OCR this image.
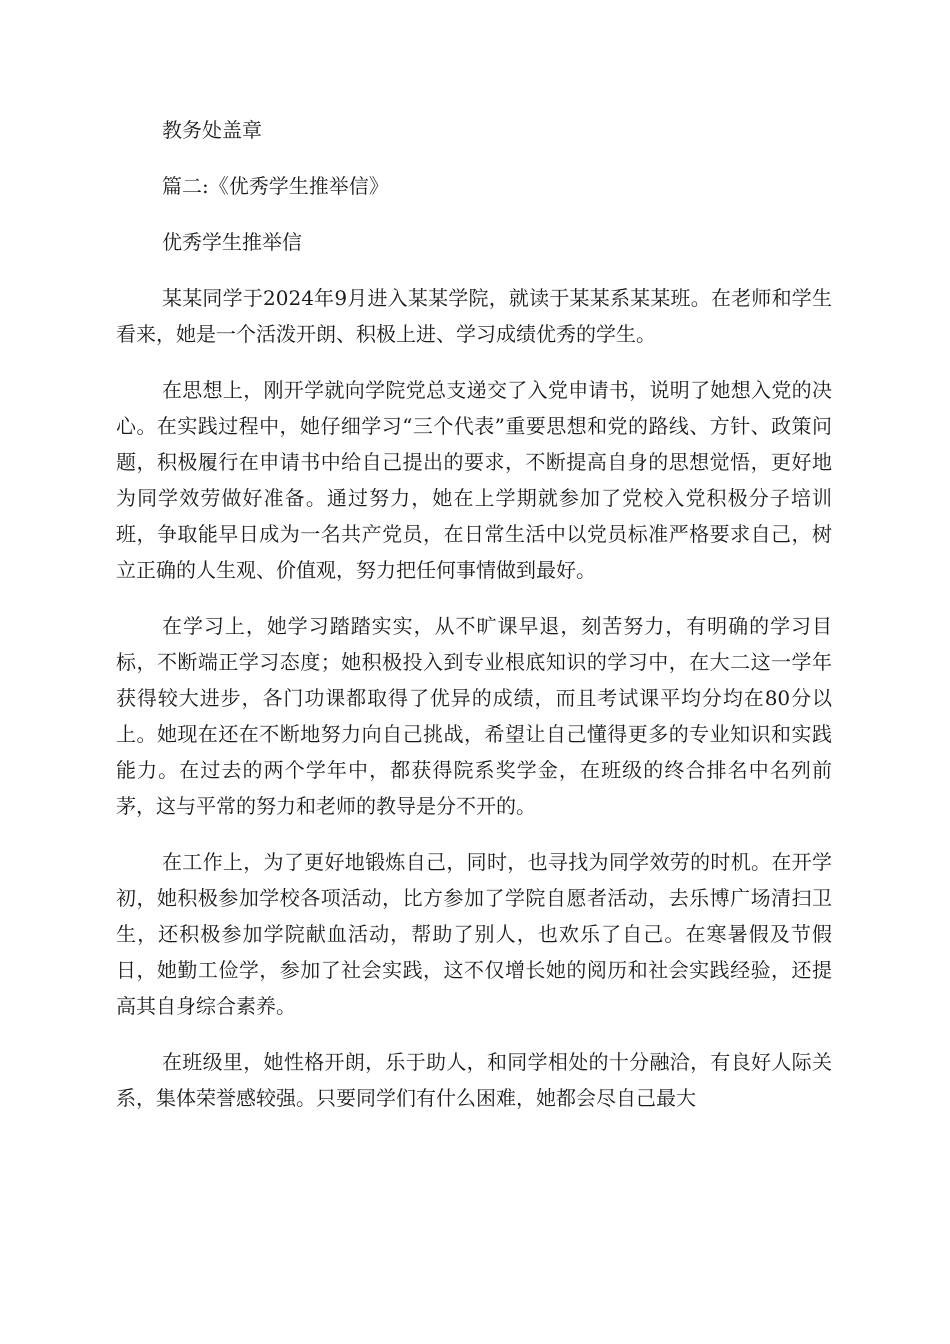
教务处盖章

篇二:《优秀学生推举信》

优秀学生推举信

某某同学于2024年9月进入某某学院，就读于某某系某某班。在老师和学生看来，她是一个活泼开朗、积极上进、学习成绩优秀的学生。

在思想上，刚开学就向学院党总支递交了入党申请书，说明了她想入党的决心。在实践过程中，她仔细学习“三个代表”重要思想和党的路线、方针、政策问题，积极履行在申请书中给自己提出的要求，不断提高自身的思想觉悟，更好地为同学效劳做好准备。通过努力，她在上学期就参加了党校入党积极分子培训班，争取能早日成为一名共产党员，在日常生活中以党员标准严格要求自己，树立正确的人生观、价值观，努力把任何事情做到最好。

在学习上，她学习踏踏实实，从不旷课早退，刻苦努力，有明确的学习目标，不断端正学习态度；她积极投入到专业根底知识的学习中，在大二这一学年获得较大进步，各门功课都取得了优异的成绩，而且考试课平均分均在80分以上。她现在还在不断地努力向自己挑战，希望让自己懂得更多的专业知识和实践能力。在过去的两个学年中，都获得院系奖学金，在班级的终合排名中名列前茅，这与平常的努力和老师的教导是分不开的。

在工作上，为了更好地锻炼自己，同时，也寻找为同学效劳的时机。在开学初，她积极参加学校各项活动，比方参加了学院自愿者活动，去乐博广场清扫卫生，还积极参加学院献血活动，帮助了别人，也欢乐了自己。在寒暑假及节假日，她勤工俭学，参加了社会实践，这不仅增长她的阅历和社会实践经验，还提高其自身综合素养。

在班级里，她性格开朗，乐于助人，和同学相处的十分融洽，有良好人际关系，集体荣誉感较强。只要同学们有什么困难，她都会尽自己最大
